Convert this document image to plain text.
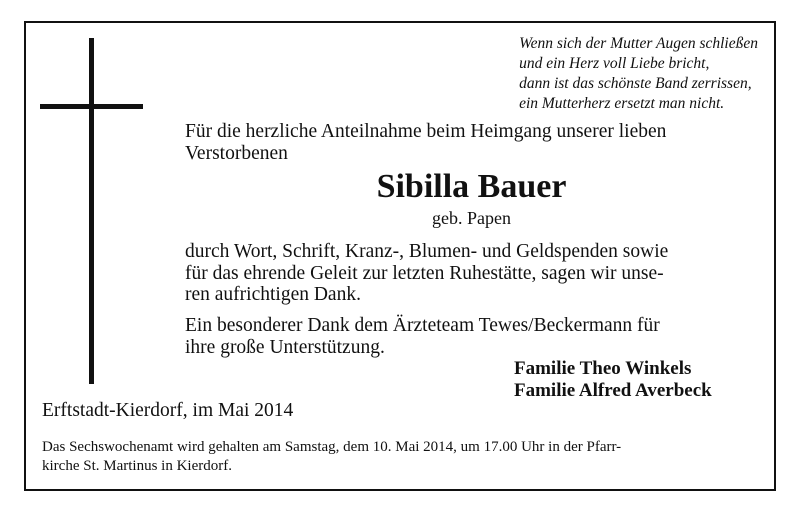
Wenn sich der Mutter Augen schließen
und ein Herz voll Liebe bricht,
dann ist das schönste Band zerrissen,
ein Mutterherz ersetzt man nicht.
Für die herzliche Anteilnahme beim Heimgang unserer lieben
Verstorbenen
Sibilla Bauer
geb. Papen
durch Wort, Schrift, Kranz-, Blumen- und Geldspenden sowie
für das ehrende Geleit zur letzten Ruhestätte, sagen wir unse-
ren aufrichtigen Dank.
Ein besonderer Dank dem Ärzteteam Tewes/Beckermann für
ihre große Unterstützung.
Familie Theo Winkels
Familie Alfred Averbeck
Erftstadt-Kierdorf, im Mai 2014
Das Sechswochenamt wird gehalten am Samstag, dem 10. Mai 2014, um 17.00 Uhr in der Pfarr-
kirche St. Martinus in Kierdorf.
